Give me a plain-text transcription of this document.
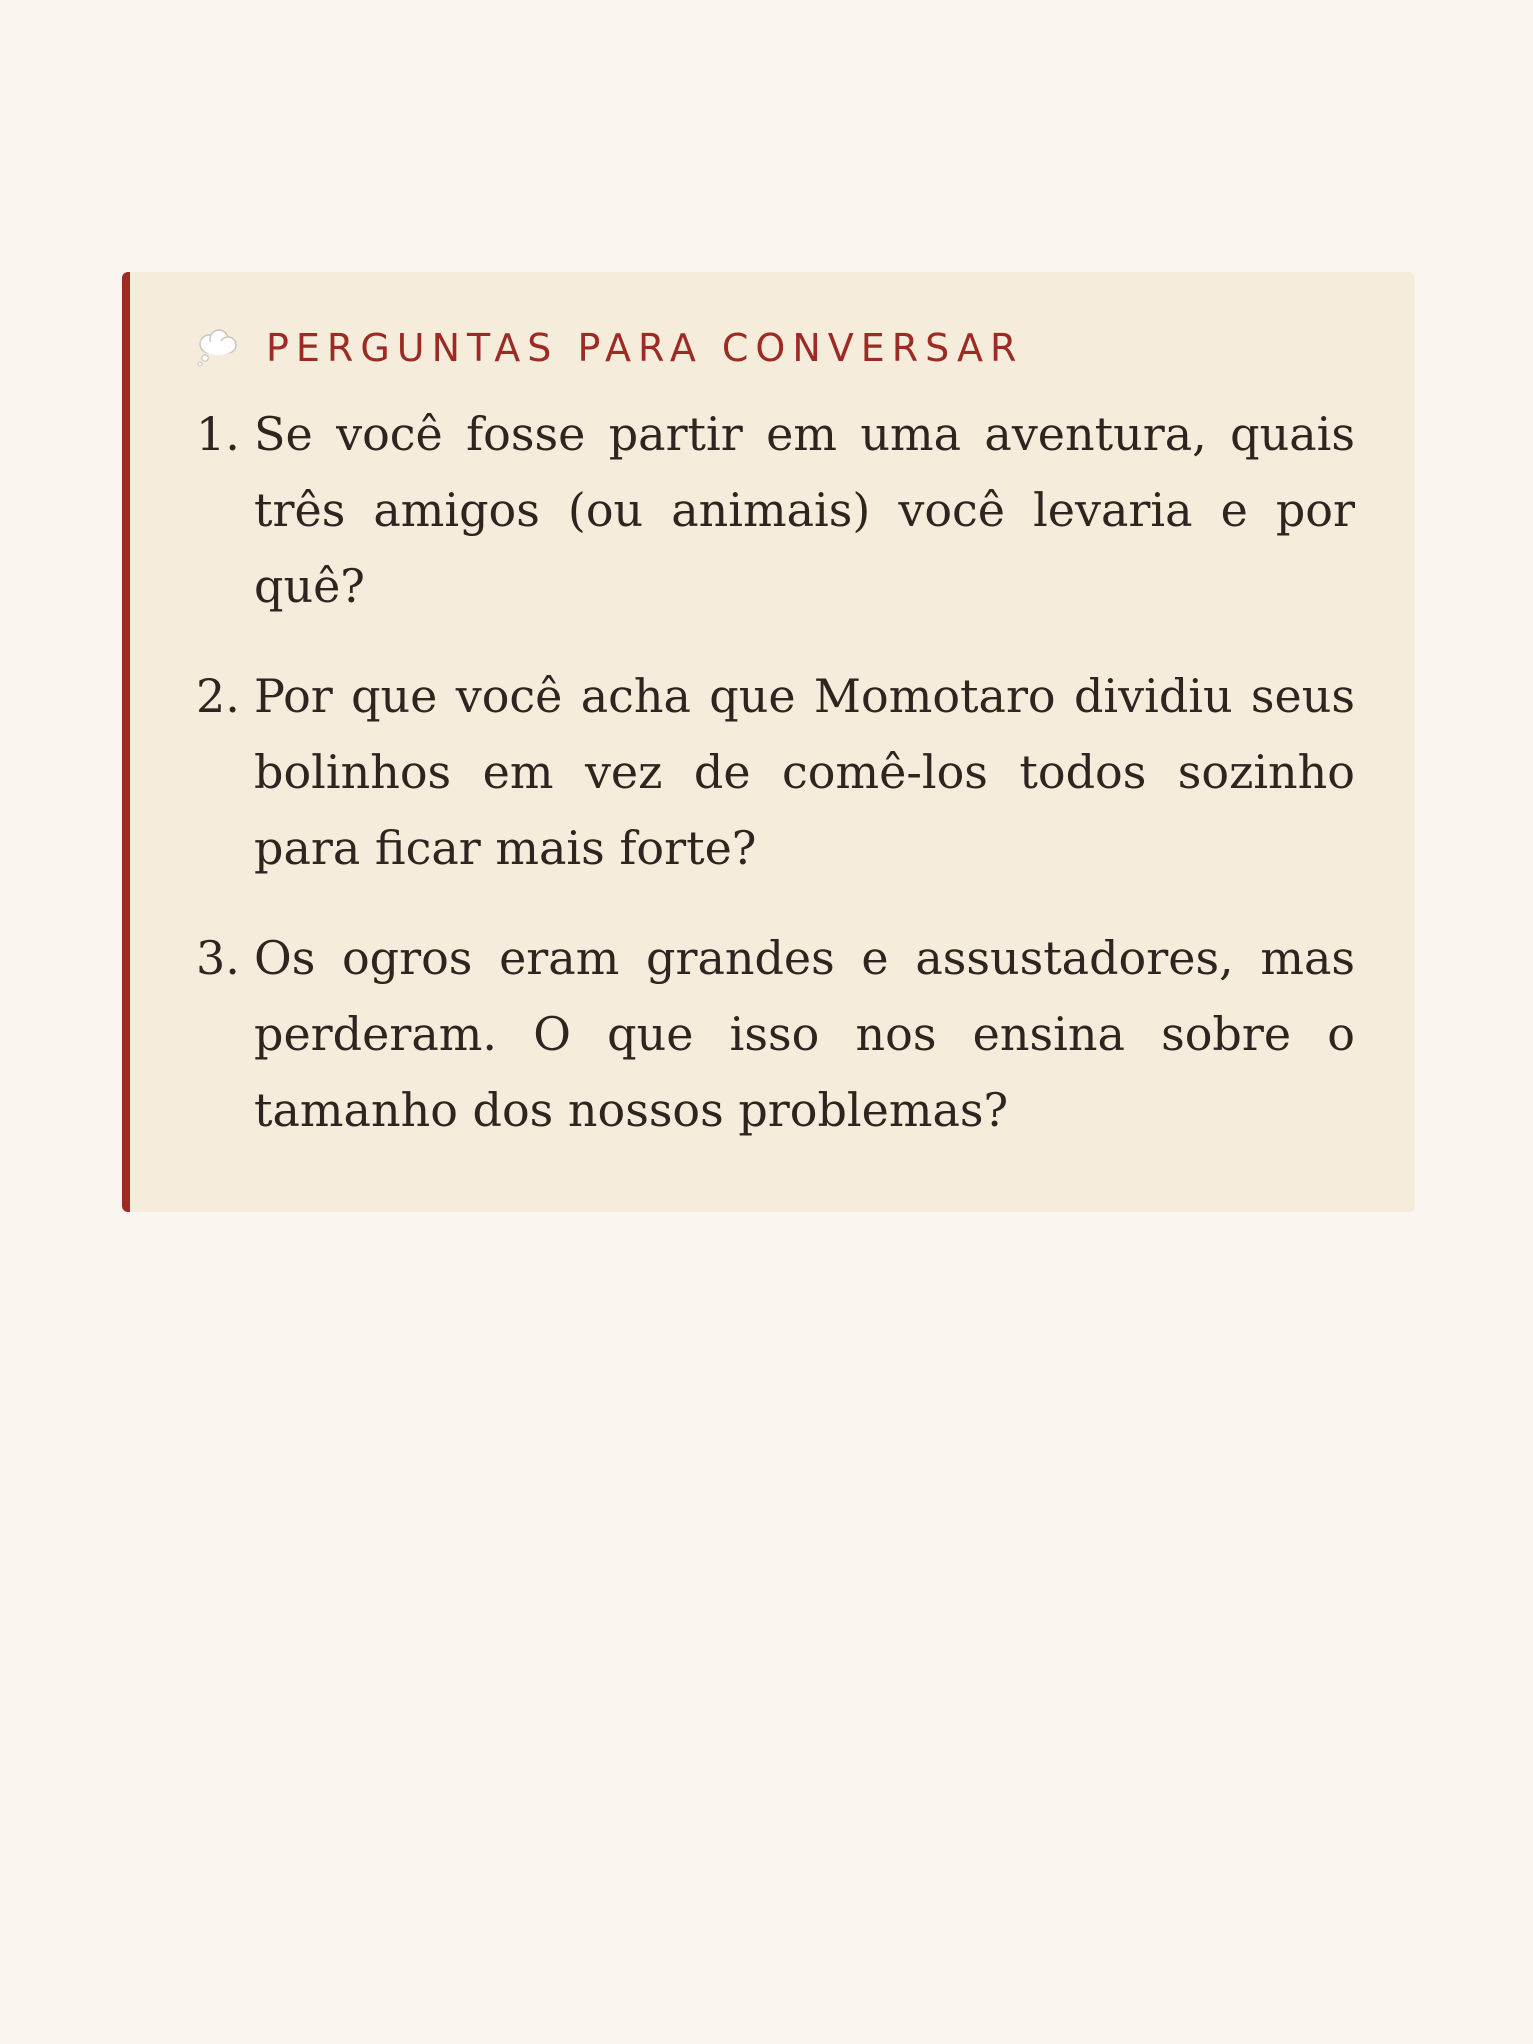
PERGUNTAS PARA CONVERSAR
1. Se você fosse partir em uma aventura, quais três amigos (ou animais) você levaria e por quê?
2. Por que você acha que Momotaro dividiu seus bolinhos em vez de comê-los todos sozinho para ficar mais forte?
3. Os ogros eram grandes e assustadores, mas perderam. O que isso nos ensina sobre o tamanho dos nossos problemas?
